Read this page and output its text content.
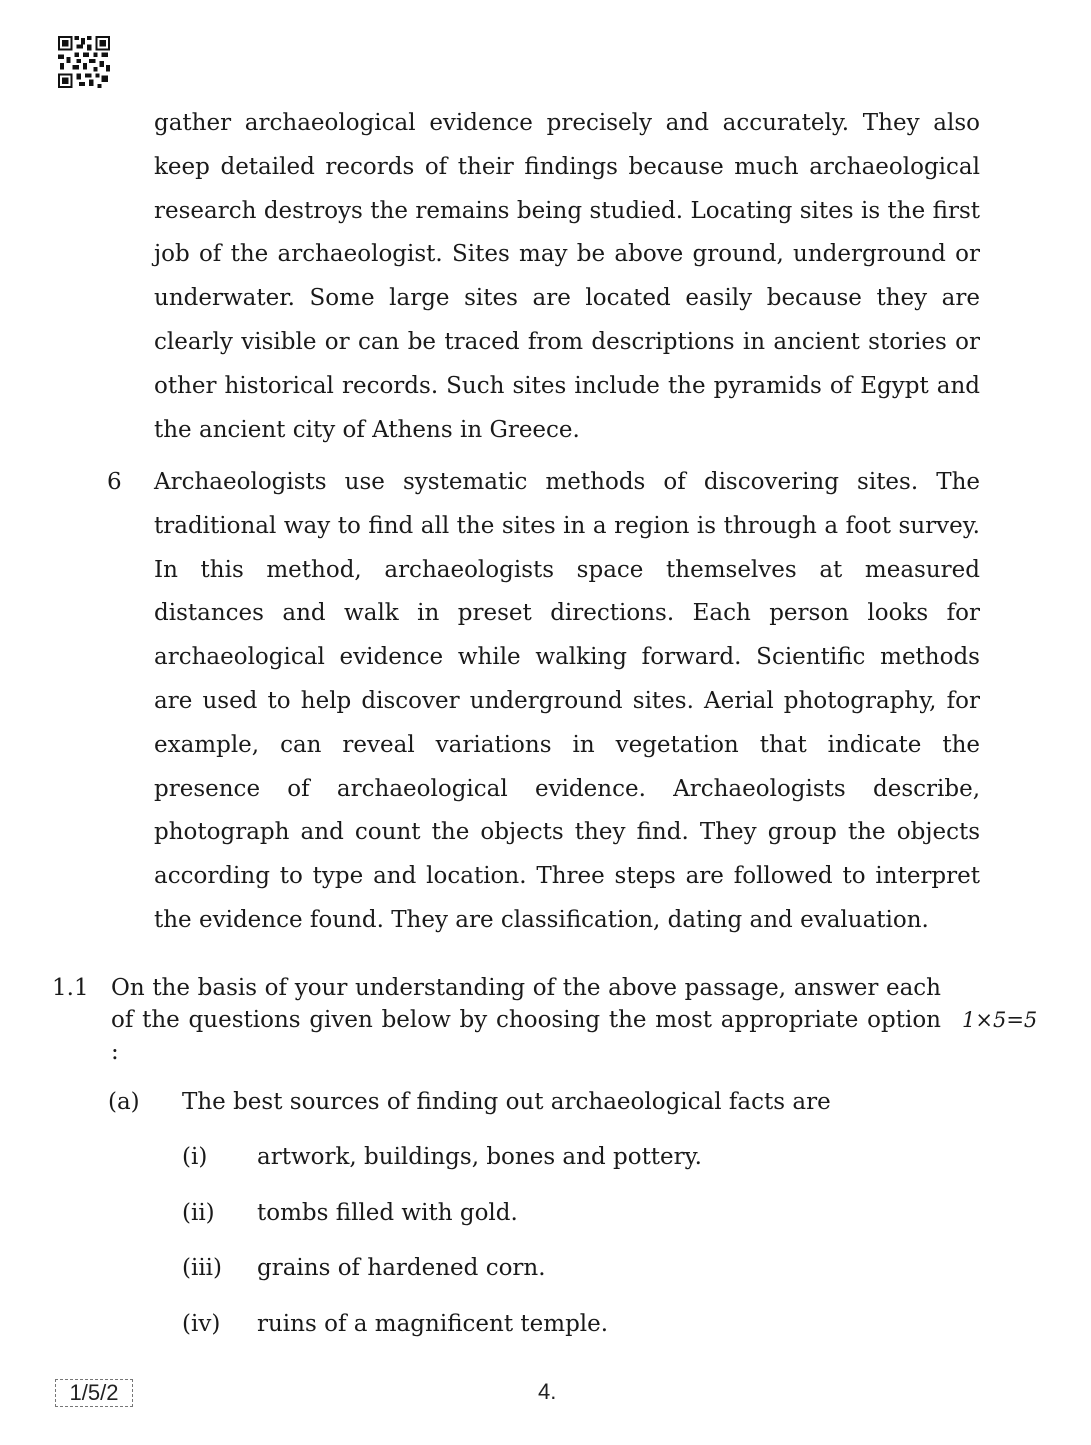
gather archaeological evidence precisely and accurately. They also keep detailed records of their findings because much archaeological research destroys the remains being studied. Locating sites is the first job of the archaeologist. Sites may be above ground, underground or underwater. Some large sites are located easily because they are clearly visible or can be traced from descriptions in ancient stories or other historical records. Such sites include the pyramids of Egypt and the ancient city of Athens in Greece.
6 Archaeologists use systematic methods of discovering sites. The traditional way to find all the sites in a region is through a foot survey. In this method, archaeologists space themselves at measured distances and walk in preset directions. Each person looks for archaeological evidence while walking forward. Scientific methods are used to help discover underground sites. Aerial photography, for example, can reveal variations in vegetation that indicate the presence of archaeological evidence. Archaeologists describe, photograph and count the objects they find. They group the objects according to type and location. Three steps are followed to interpret the evidence found. They are classification, dating and evaluation.
1.1 On the basis of your understanding of the above passage, answer each of the questions given below by choosing the most appropriate option :
1×5=5
(a) The best sources of finding out archaeological facts are
(i) artwork, buildings, bones and pottery.
(ii) tombs filled with gold.
(iii) grains of hardened corn.
(iv) ruins of a magnificent temple.
1/5/2	4.
